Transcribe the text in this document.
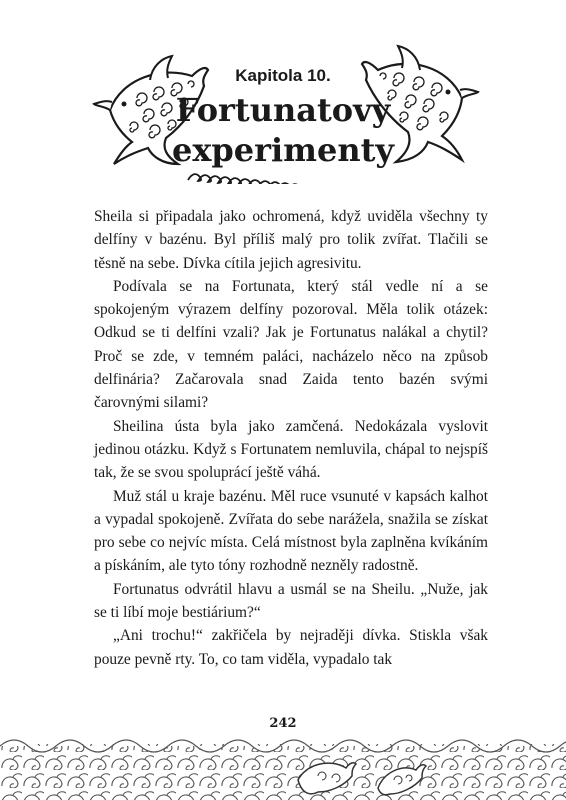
Kapitola 10.
Fortunatovy
experimenty

Sheila si připadala jako ochromená, když uviděla všechny ty delfíny v bazénu. Byl příliš malý pro tolik zvířat. Tlačili se těsně na sebe. Dívka cítila jejich agresivitu.

Podívala se na Fortunata, který stál vedle ní a se spokojeným výrazem delfíny pozoroval. Měla tolik otázek: Odkud se ti delfíni vzali? Jak je Fortunatus nalákal a chytil? Proč se zde, v temném paláci, nacházelo něco na způsob delfinária? Začarovala snad Zaida tento bazén svými čarovnými silami?

Sheilina ústa byla jako zamčená. Nedokázala vyslovit jedinou otázku. Když s Fortunatem nemluvila, chápal to nejspíš tak, že se svou spoluprácí ještě váhá.

Muž stál u kraje bazénu. Měl ruce vsunuté v kapsách kalhot a vypadal spokojeně. Zvířata do sebe narážela, snažila se získat pro sebe co nejvíc místa. Celá místnost byla zaplněna kvíkáním a pískáním, ale tyto tóny rozhodně nezněly radostně.

Fortunatus odvrátil hlavu a usmál se na Sheilu. „Nuže, jak se ti líbí moje bestiárium?“

„Ani trochu!“ zakřičela by nejraději dívka. Stiskla však pouze pevně rty. To, co tam viděla, vypadalo tak

242
